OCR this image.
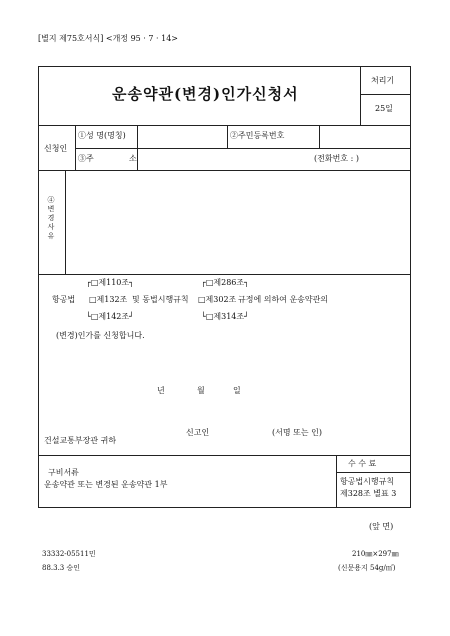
[별지 제75호서식] <개정 95 · 7 · 14>
운송약관(변경)인가신청서
처리기
25일
신청인
①성 명(명칭)	②주민등록번호
③주	소	(전화번호 : )
④변경사유
┌□제110조┐	┌□제286조┐
항공법 □제132조 및 동법시행규칙 □제302조 규정에 의하여 운송약관의
└□제142조┘	└□제314조┘
(변경)인가를 신청합니다.
년	월	일
신고인	(서명 또는 인)
건설교통부장관 귀하
구비서류
운송약관 또는 변경된 운송약관 1부
수 수 료
항공법시행규칙
제328조 별표 3
(앞 면)
33332-05511민
88.3.3 승인
210㎜×297㎜
(신문용지 54g/㎡)
